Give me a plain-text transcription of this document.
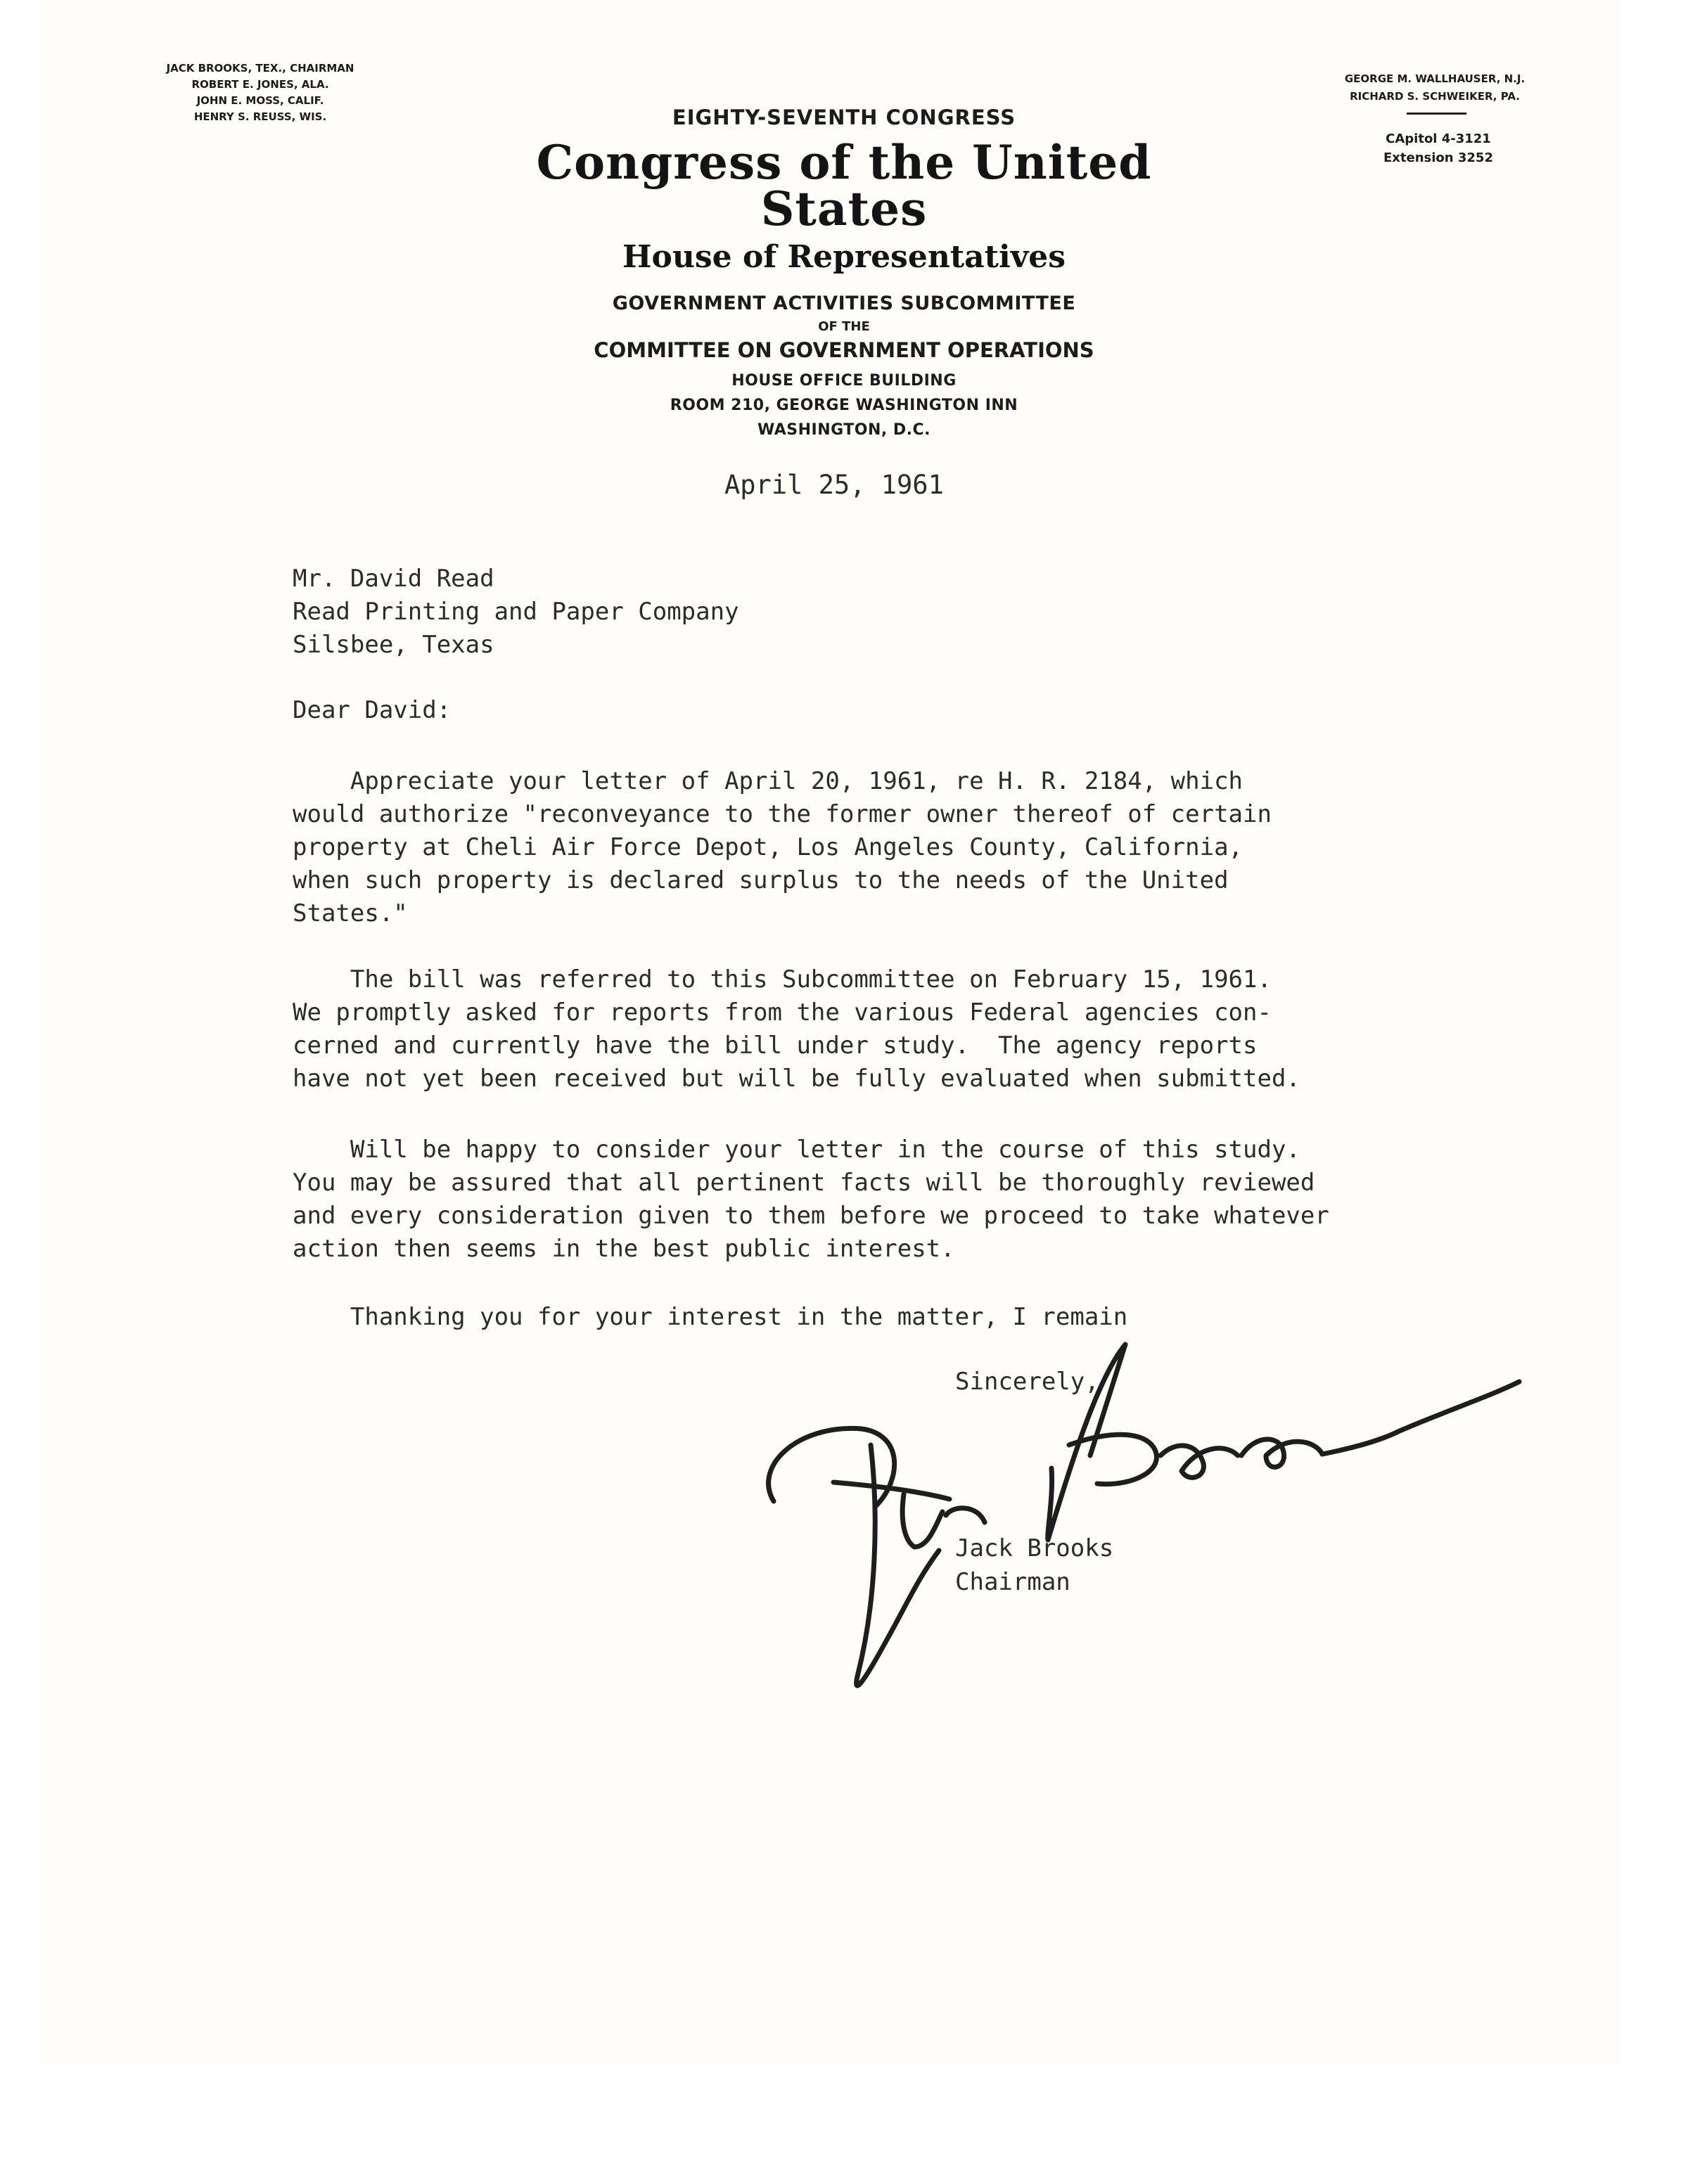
JACK BROOKS, TEX., CHAIRMAN
ROBERT E. JONES, ALA.
JOHN E. MOSS, CALIF.
HENRY S. REUSS, WIS.
GEORGE M. WALLHAUSER, N.J.
RICHARD S. SCHWEIKER, PA.
CApitol 4-3121
Extension 3252

EIGHTY-SEVENTH CONGRESS

Congress of the United States

House of Representatives

GOVERNMENT ACTIVITIES SUBCOMMITTEE

OF THE

COMMITTEE ON GOVERNMENT OPERATIONS

HOUSE OFFICE BUILDING

ROOM 210, GEORGE WASHINGTON INN

WASHINGTON, D.C.

April 25, 1961
Mr. David Read
Read Printing and Paper Company
Silsbee, Texas
Dear David:
Appreciate your letter of April 20, 1961, re H. R. 2184, which
would authorize "reconveyance to the former owner thereof of certain
property at Cheli Air Force Depot, Los Angeles County, California,
when such property is declared surplus to the needs of the United
States."
The bill was referred to this Subcommittee on February 15, 1961.
We promptly asked for reports from the various Federal agencies con-
cerned and currently have the bill under study.  The agency reports
have not yet been received but will be fully evaluated when submitted.
Will be happy to consider your letter in the course of this study.
You may be assured that all pertinent facts will be thoroughly reviewed
and every consideration given to them before we proceed to take whatever
action then seems in the best public interest.
Thanking you for your interest in the matter, I remain
Sincerely,
Jack Brooks
Chairman
